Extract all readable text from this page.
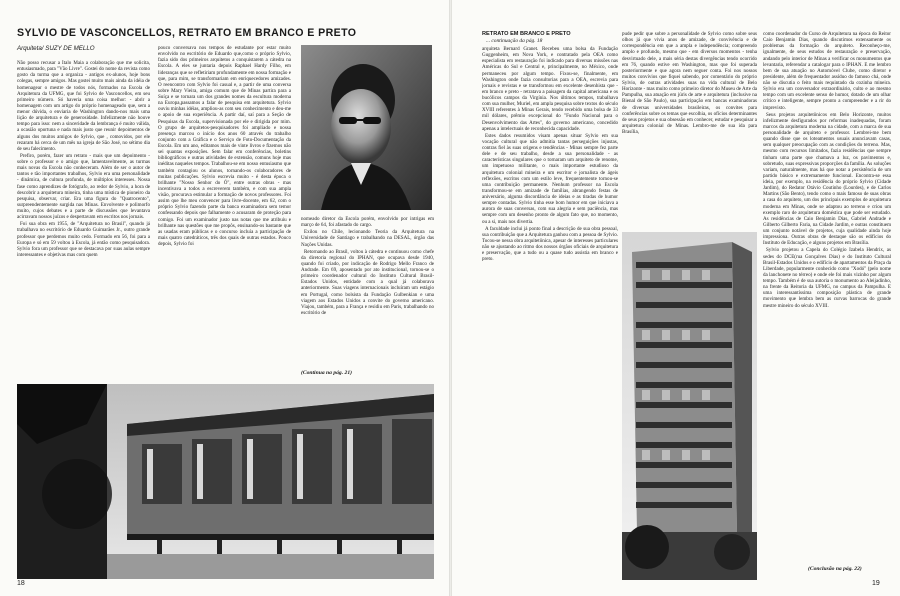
SYLVIO DE VASCONCELLOS, RETRATO EM BRANCO E PRETO
Arquiteta/ SUZY DE MELLO

Não posso recusar a Ítalo Maia a colaboração que me solicita, entusiasmado, para "Vão Livre". Gostei do nome da revista como gosto da turma que a organiza - antigos ex-alunos, hoje bons colegas, sempre amigos. Mas gostei muito mais ainda da idéia de homenagear o mestre de todos nós, formados na Escola de Arquitetura da UFMG, que foi Sylvio de Vasconcellos, em seu primeiro número. Só haveria uma coisa melhor: - abrir a homenagem com um artigo do próprio homenageado que, sem a menor dúvida, o enviaria de Washington dando-nos mais uma lição de arquitetura e de generosidade. Infelizmente não houve tempo para isso: nem a sinceridade da lembrança é muito válida, a ocasião oportuna e nada mais justo que reunir depoimentos de alguns dos muitos amigos de Sylvio, que , comovidos, por ele rezaram há cerca de um mês na igreja de São José, no sétimo dia de seu falecimento.

Prefiro, porém, fazer um retrato - mais que um depoimento - sobre o professor e o amigo que, lamentavelmente, as turmas mais novas da Escola não conheceram. Além de ser o autor de tantos e tão importantes trabalhos, Sylvio era uma personalidade - dinâmica, de cultura profunda, de múltiplos interesses. Nossa fase como aprendizes de fotógrafo, ao redor de Sylvio, a hora de descobrir a arquitetura mineira, tinha uma mística de pioneiro da pesquisa, observar, criar. Era uma figura do "Quatrocento", surpreendentemente surgida nas Minas. Envolvente e polimorfo muito, cujos debates e a parte de discussões que levantava acirravam nossos juízos e despertavam em escritos nos jornais.

Foi sua obra em 1955, de "Arquitetura no Brasil", quando já trabalhava no escritório de Eduardo Guimarães Jr., outro grande professor que perdemos muito cedo. Formado em 56, foi para a Europa e só em 59 voltou à Escola, já então como pesquisadora. Sylvio fora um professor que se destacava por suas aulas sempre interessantes e objetivas mas com quem

pouco conversava nos tempos de estudante por estar muito envolvido no escritório de Eduardo que,como o próprio Sylvio, fazia sido dos primeiros arquitetos a conquistarem a cátedra na Escola. A eles se juntaria depois Raphael Hardy Filho, em lideranças que se refletiriam profundamente em nossa formação e que, para mim, se transformariam em enriquecedores amizades. O reencontro com Sylvio foi casual e, a partir de uma conversa sobre Mary Vieira, amiga comum que de Minas partira para a Suíça e se tornara um dos grandes nomes da escultura moderna na Europa,passamos a falar de pesquisa em arquitetura. Sylvio ouviu minhas idéias, ampliou-as com seu conhecimento e deu-me o apoio de sua experiência. A partir daí, saí para a Seção de Pesquisas da Escola, supervisionada por ele e dirigida por mim. O grupo de arquitetos-pesquisadores foi ampliado e nossa presença marcou o início dos anos 60 através do trabalho conjunto com a Gráfica e o Serviço de Foto-Documentação da Escola. Em um ano, editamos mais de vinte livros e fizemos não sei quantas exposições. Sem falar em conferências, boletins bibliográficos e outras atividades de extensão, comuns hoje mas inéditas naqueles tempos. Trabalhou-se em nosso entusiasmo que também contagiou os alunos, tornando-os colaboradores de muitas publicações. Sylvio escrevia muito - é desta época o brilhante "Nosso Senhor do Ó", entre outras obras - mas incentivava a todos a escreverem também, e com sua ampla visão, procurava estimular a formação de novos professores. Foi assim que lhe meu convencer para livre-docente, em 62, com o próprio Sylvio fazendo parte da banca examinadora sem temor confessando depois que falhamente o acusaram de proteção para comigo. Foi um examinador justo nas notas que me atribuiu e brilhante nas questões que me propôs, ensinando-os bastante que as usadas eram públicas e o concurso incluía a participação de mais quatro catedráticos, três dos quais de outras estados. Pouco depois, Sylvio foi

nomeado diretor da Escola porém, envolvido por intrigas em março de 64, foi afastado do cargo.

Exilou no Chile, lecionando Teoria da Arquitetura na Universidade de Santiago e trabalhando na DESAL, órgão das Nações Unidas.

Retornando ao Brasil, voltou à cátedra e continuou como chefe da diretoria regional do IPHAN, que ocupava desde 1940, quando foi criado, por indicação de Rodrigo Mello Franco de Andrade. Em 69, aposentado por ato institucional, tornou-se o primeiro coordenador cultural do Instituto Cultural Brasil-Estados Unidos, entidade com a qual já colaborava anteriormente. Suas viagens internacionais incluíram um estágio em Portugal, como bolsista da Fundação Gulbenkian e uma viagem aos Estados Unidos a convite do governo americano. Viajou, também, para a França e residiu em Paris, trabalhando no escritório de

(Continua na pág. 21)
18
RETRATO EM BRANCO E PRETO
... continuação da pág. 18

arquiteta Bernard Granet. Recebeu uma bolsa da Fundação Guggenheim, em Nova York, e contratado pela OEA como especialista em restauração foi indicado para diversas missões nas Américas do Sul e Central e, principalmente, no México, onde permaneceu por algum tempo. Fixou-se, finalmente, em Washington onde fazia consultorias para a OEA, escrevia para jornais e revistas e se transformou em excelente desenhista que - em branco e preto - retratava a paisagem da capital americana e os bucólicos campos da Virgínia. Nos últimos tempos, trabalhava com sua mulher, Muriel, em ampla pesquisa sobre textos do século XVIII referentes à Minas Gerais, tendo recebido uma bolsa de 33 mil dólares, prêmio excepcional do "Fundo Nacional para o Desenvolvimento das Artes", do governo americano, concedido apenas a intelectuais de reconhecida capacidade.

Estes dados resumidos visam apenas situar Sylvio em sua vocação cultural que não admitia tantas perseguições injustas, contras fiel às suas origens e tendências - Minas sempre fez parte dele e de seu trabalho, desde a sua personalidade - as características singulares que o tornaram um arquiteto de renome, um impetuoso militante, o mais importante estudioso da arquitetura colonial mineira e um escritor e jornalista de ágeis reflexões, escritos com um estilo leve, frequentemente tornou-se uma contribuição permanente. Nenhum professor na Escola transformou-se em amizade de famílias, abrangendo festas de aniversário, alguma discordância de ideias e as tiradas de humor sempre contadas. Sylvio tinha esse bom humor em que iniciava a aurora de suas conversas, com sua alegria e sem paciência, mas sempre com um desenho pronto de algum fato que, no momento, ou a si, mais nos divertia.

A faculdade inclui já ponto final a descrição de sua obra pessoal, sua contribuição que a Arquitetura ganhou com a pessoa de Sylvio. Tocou-se nessa obra arquitetônica, apesar de interesses particulares não se ajustando ao ritmo dos nossos órgãos oficiais de arquitetura e preservação, que a tudo ou a quase tudo assistia em branco e preto.

pude pedir que sobre a personalidade de Sylvio como sobre seus olhos já que vivia anos de amizade, de convivência e de correspondência em que a ampla e independência; compreendo amplo e profundo, mesmo que - em diversos momentos - tenha desvirtuado dele, a mais séria destas divergências tendo ocorrido em 76, quando estive em Washington, mas que foi superada posteriormente e que agora nem seguer conta. Foi nos nossos muitos convívios que fiquei sabendo, por comentário do próprio Sylvio, de outras atividades suas na vida cultural de Belo Horizonte - mas muito como primeiro diretor do Museu de Arte da Pampulha, sua atuação em júris de arte e arquitetura (inclusive na Bienal de São Paulo), sua participação em bancas examinadoras de diversas universidades brasileiras, os convites para conferências sobre os temas que escolhia, os ofícios determinantes de seus projetos e sua obsessão em conhecer, estudar e pesquisar a arquitetura colonial de Minas. Lembro-me de sua ida para Brasília,

como coordenador do Curso de Arquitetura na época do Reitor Caio Benjamin Dias, quando discutimos extensamente os problemas da formação do arquiteto. Reconheço-me, igualmente, de seus estudos de restauração e preservação, andando pelo interior de Minas a verificar os monumentos que levantaria, referendar a catalogar para o IPHAN. E me lembro bem de sua atuação no Automóvel Clube, como diretor e presidente, além de frequentador assíduo do famoso chá, onde não se discutia o feito mais requintado da cozinha mineira. Sylvio era um conversador extraordinário, culto e ao mesmo tempo com um excelente senso de humor, dotado de um olhar crítico e inteligente, sempre pronto a compreender e a rir do imprevisto.

Seus projetos arquitetônicos em Belo Horizonte, muitos infelizmente desfigurados por reformas inadequadas, foram marcos da arquitetura moderna na cidade, com a marca de sua personalidade de arquiteto e professor. Lembrei-me bem quando disse que os loteamentos usuais anunciavam casas, sem qualquer preocupação com as condições do terreno. Mas, mesmo com recursos limitados, fazia residências que sempre tinham uma parte que chamava a luz, os pavimentos e, sobretudo, suas expressivas proporções da família. As soluções variam, naturalmente, mas há que notar a persistência de um partido básico e extremamente funcional. Encontra-se essa ideia, por exemplo, na residência do próprio Sylvio (Cidade Jardim), do Redator Otávio Coutinho (Lourdes), e de Carlos Martins (São Bento), tendo como o mais famoso de suas obras a casa do arquiteto, um dos principais exemplos de arquitetura moderna em Minas, onde se adaptou ao terreno e criou um exemplo raro de arquitetura doméstica que pode ser estudado. As residências de Caio Benjamin Dias, Gabriel Andrade e Gilberto Gilberto Faria, na Cidade Jardim, e outras constituem um conjunto notável de projetos, cuja qualidade ainda hoje impressiona. Outras obras de destaque são os edifícios do Instituto de Educação, e alguns projetos em Brasília.

Sylvio projetou a Capela do Colégio Izabela Hendrix, as sedes do DCE(rua Gonçalves Dias) e do Instituto Cultural Brasil-Estados Unidos e o edifício de apartamentos da Praça da Liberdade, popularmente conhecido como "Xodó" (pelo nome da lanchonete no térreo) e onde ele foi mais vizinho por algum tempo. Também é de sua autoria o monumento ao Aleijadinho, na frente da Reitoria da UFMG, no campus da Pampulha. E uma interessantíssima composição plástica de grande movimento que lembra bem as curvas barrocas do grande mestre mineiro do século XVIII.

(Conclusão na pág. 22)
19
